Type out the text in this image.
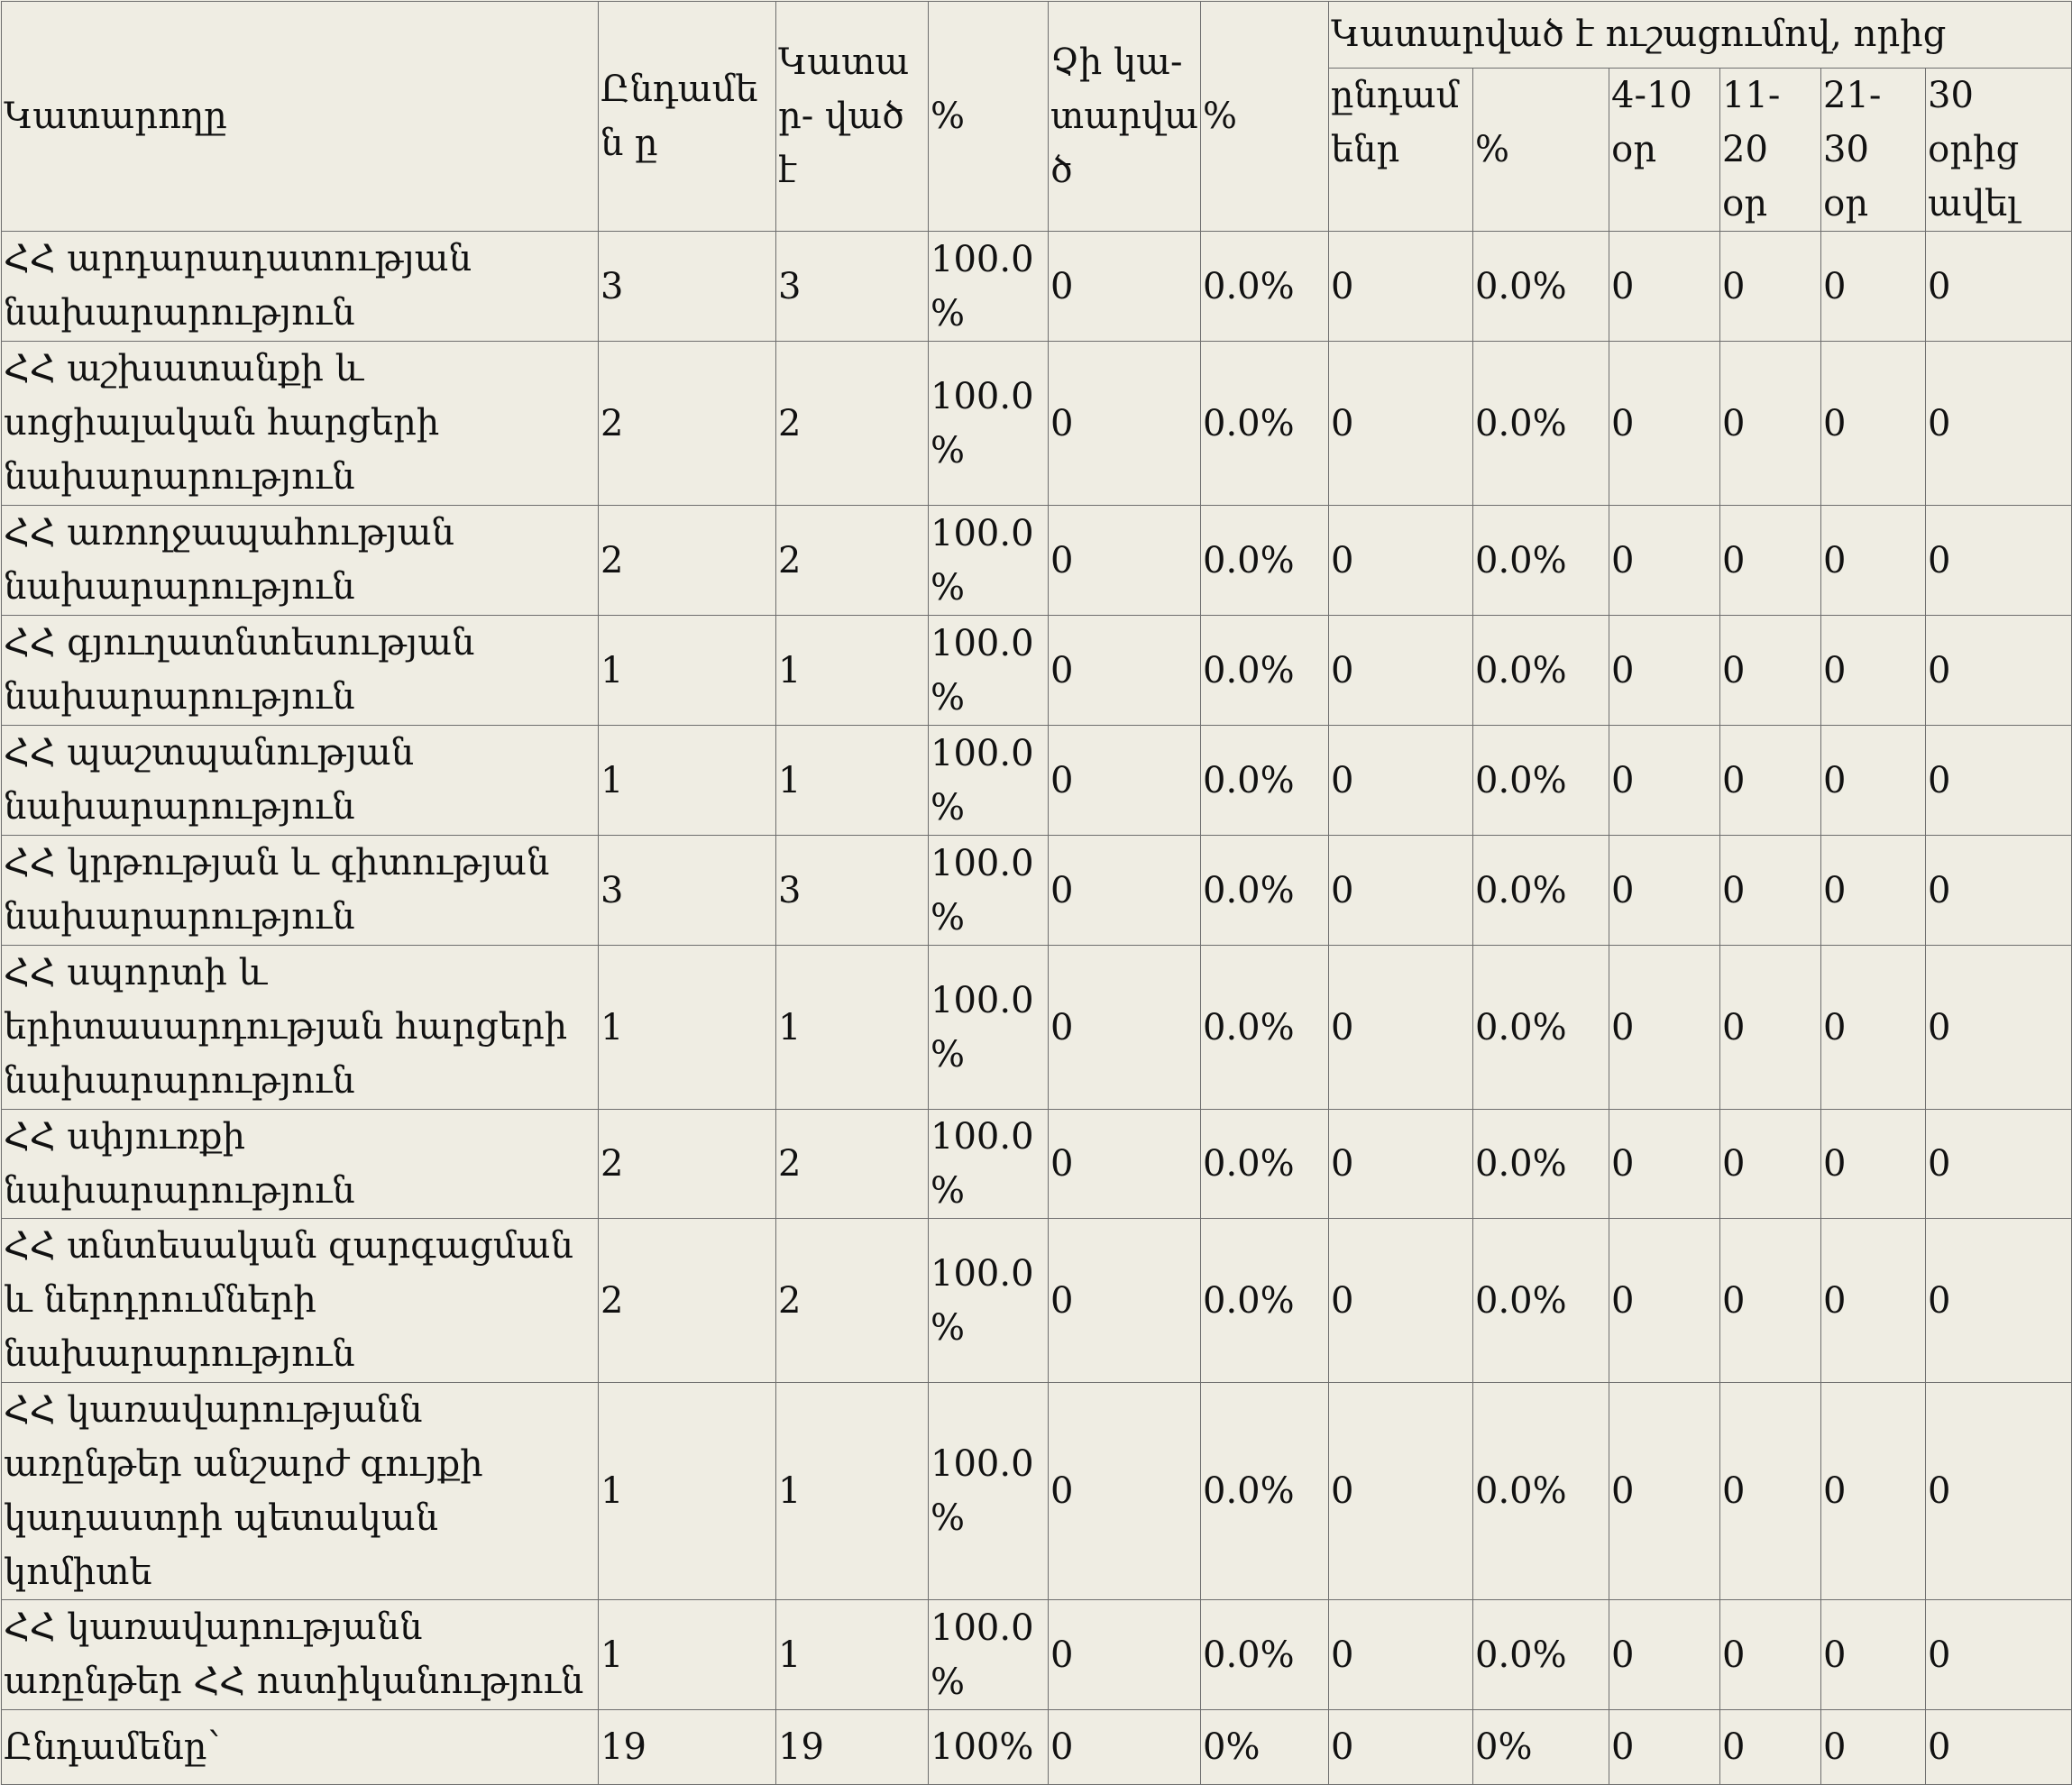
Կատարողը	Ընդամեն ը	Կատա ր- ված է	%	Չի կա- տարվա ծ	%	Կատարված է ուշացումով, որից					
						ընդամ ենր	%	4-10 օր	11-20 օր	21-30 օր	30 օրից ավել
ՀՀ արդարադատության նախարարություն	3	3	100.0 %	0	0.0%	0	0.0%	0	0	0	0
ՀՀ աշխատանքի և սոցիալական հարցերի նախարարություն	2	2	100.0 %	0	0.0%	0	0.0%	0	0	0	0
ՀՀ առողջապահության նախարարություն	2	2	100.0 %	0	0.0%	0	0.0%	0	0	0	0
ՀՀ գյուղատնտեսության նախարարություն	1	1	100.0 %	0	0.0%	0	0.0%	0	0	0	0
ՀՀ պաշտպանության նախարարություն	1	1	100.0 %	0	0.0%	0	0.0%	0	0	0	0
ՀՀ կրթության և գիտության նախարարություն	3	3	100.0 %	0	0.0%	0	0.0%	0	0	0	0
ՀՀ սպորտի և երիտասարդության հարցերի նախարարություն	1	1	100.0 %	0	0.0%	0	0.0%	0	0	0	0
ՀՀ սփյուռքի նախարարություն	2	2	100.0 %	0	0.0%	0	0.0%	0	0	0	0
ՀՀ տնտեսական զարգացման և ներդրումների նախարարություն	2	2	100.0 %	0	0.0%	0	0.0%	0	0	0	0
ՀՀ կառավարությանն առընթեր անշարժ գույքի կադաստրի պետական կոմիտե	1	1	100.0 %	0	0.0%	0	0.0%	0	0	0	0
ՀՀ կառավարությանն առընթեր ՀՀ ոստիկանություն	1	1	100.0 %	0	0.0%	0	0.0%	0	0	0	0
Ընդամենը`	19	19	100%	0	0%	0	0%	0	0	0	0
